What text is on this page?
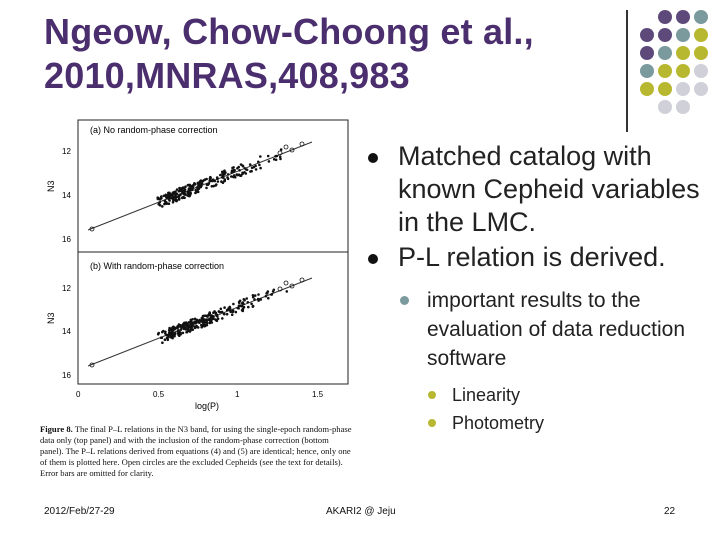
Ngeow, Chow-Choong et al.,
2010,MNRAS,408,983
(a) No random-phase correction
(b) With random-phase correction
N3
N3
12
14
16
12
14
16
0	0.5	1	1.5
log(P)
Figure 8. The final P–L relations in the N3 band, for using the single-epoch random-phase data only (top panel) and with the inclusion of the random-phase correction (bottom panel). The P–L relations derived from equations (4) and (5) are identical; hence, only one of them is plotted here. Open circles are the excluded Cepheids (see the text for details). Error bars are omitted for clarity.
Matched catalog with known Cepheid variables in the LMC.
P-L relation is derived.
important results to the evaluation of data reduction software
Linearity
Photometry
2012/Feb/27-29	AKARI2 @ Jeju	22
